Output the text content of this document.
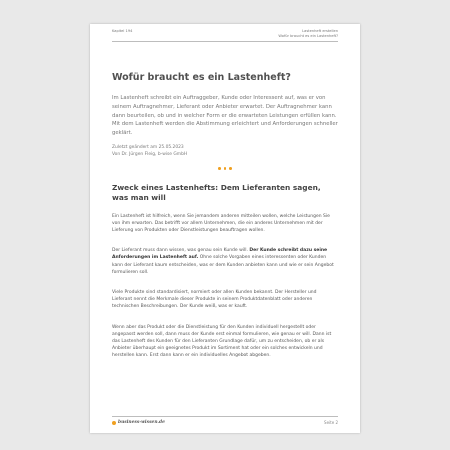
Kapitel 194	Lastenheft erstellen
Wofür braucht es ein Lastenheft?
Wofür braucht es ein Lastenheft?
Im Lastenheft schreibt ein Auftraggeber, Kunde oder Interessent auf, was er von seinem Auftragnehmer, Lieferant oder Anbieter erwartet. Der Auftragnehmer kann dann beurteilen, ob und in welcher Form er die erwarteten Leistungen erfüllen kann. Mit dem Lastenheft werden die Abstimmung erleichtert und Anforderungen schneller geklärt.
Zuletzt geändert am 25.05.2023
Von Dr. Jürgen Fleig, b-wise GmbH
Zweck eines Lastenhefts: Dem Lieferanten sagen, was man will
Ein Lastenheft ist hilfreich, wenn Sie jemandem anderen mitteilen wollen, welche Leistungen Sie von ihm erwarten. Das betrifft vor allem Unternehmen, die ein anderes Unternehmen mit der Lieferung von Produkten oder Dienstleistungen beauftragen wollen.
Der Lieferant muss dann wissen, was genau sein Kunde will. Der Kunde schreibt dazu seine Anforderungen im Lastenheft auf. Ohne solche Vorgaben eines interessenten oder Kunden kann der Lieferant kaum entscheiden, was er dem Kunden anbieten kann und wie er sein Angebot formulieren soll.
Viele Produkte sind standardisiert, normiert oder allen Kunden bekannt. Der Hersteller und Lieferant nennt die Merkmale dieser Produkte in seinem Produktdatenblatt oder anderen technischen Beschreibungen. Der Kunde weiß, was er kauft.
Wenn aber das Produkt oder die Dienstleistung für den Kunden individuell hergestellt oder angepasst werden soll, dann muss der Kunde erst einmal formulieren, wie genau er will. Dann ist das Lastenheft des Kunden für den Lieferanten Grundlage dafür, um zu entscheiden, ob er als Anbieter überhaupt ein geeignetes Produkt im Sortiment hat oder ein solches entwickeln und herstellen kann. Erst dann kann er ein individuelles Angebot abgeben.
business-wissen.de	Seite 2
